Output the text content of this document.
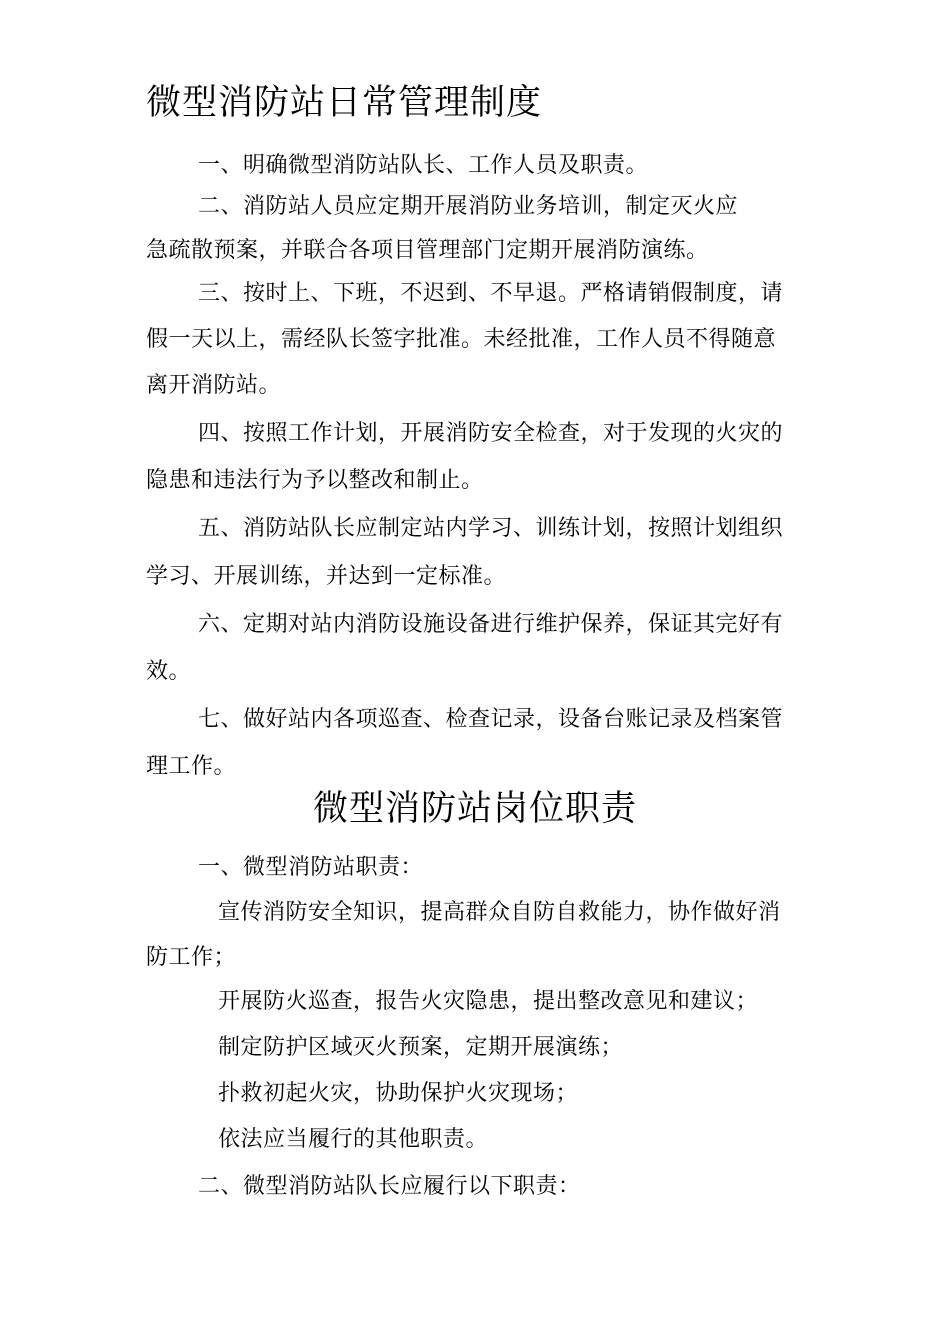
微型消防站日常管理制度
一、明确微型消防站队长、工作人员及职责。
二、消防站人员应定期开展消防业务培训，制定灭火应
急疏散预案，并联合各项目管理部门定期开展消防演练。
三、按时上、下班，不迟到、不早退。严格请销假制度，请
假一天以上，需经队长签字批准。未经批准，工作人员不得随意
离开消防站。
四、按照工作计划，开展消防安全检查，对于发现的火灾的
隐患和违法行为予以整改和制止。
五、消防站队长应制定站内学习、训练计划，按照计划组织
学习、开展训练，并达到一定标准。
六、定期对站内消防设施设备进行维护保养，保证其完好有
效。
七、做好站内各项巡查、检查记录，设备台账记录及档案管
理工作。
微型消防站岗位职责
一、微型消防站职责：
宣传消防安全知识，提高群众自防自救能力，协作做好消
防工作；
开展防火巡查，报告火灾隐患，提出整改意见和建议；
制定防护区域灭火预案，定期开展演练；
扑救初起火灾，协助保护火灾现场；
依法应当履行的其他职责。
二、微型消防站队长应履行以下职责：
